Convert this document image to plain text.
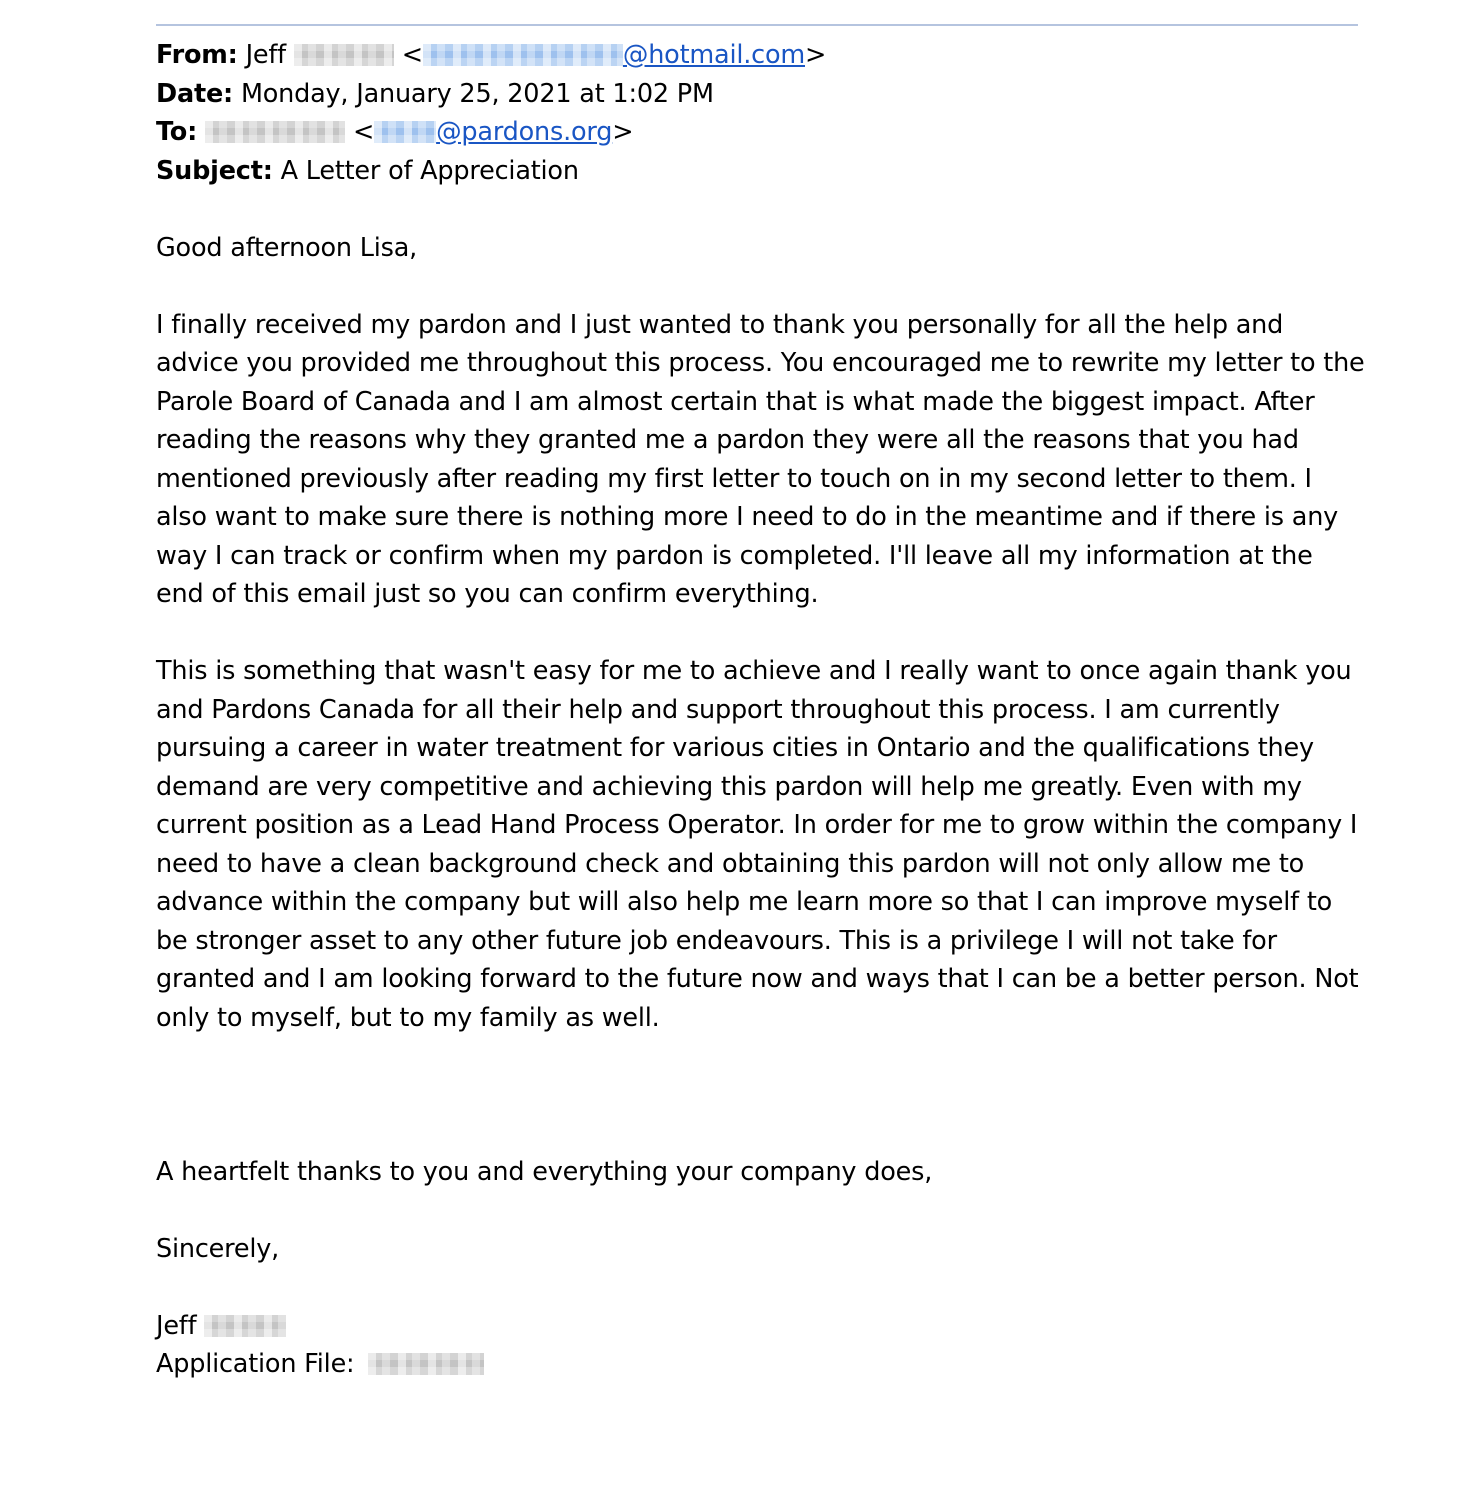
From: Jeff	<	@hotmail.com>
Date: Monday, January 25, 2021 at 1:02 PM
To:	< @pardons.org>
Subject: A Letter of Appreciation

Good afternoon Lisa,

I finally received my pardon and I just wanted to thank you personally for all the help and advice you provided me throughout this process. You encouraged me to rewrite my letter to the Parole Board of Canada and I am almost certain that is what made the biggest impact. After reading the reasons why they granted me a pardon they were all the reasons that you had mentioned previously after reading my first letter to touch on in my second letter to them. I also want to make sure there is nothing more I need to do in the meantime and if there is any way I can track or confirm when my pardon is completed. I'll leave all my information at the end of this email just so you can confirm everything.

This is something that wasn't easy for me to achieve and I really want to once again thank you and Pardons Canada for all their help and support throughout this process. I am currently pursuing a career in water treatment for various cities in Ontario and the qualifications they demand are very competitive and achieving this pardon will help me greatly. Even with my current position as a Lead Hand Process Operator. In order for me to grow within the company I need to have a clean background check and obtaining this pardon will not only allow me to advance within the company but will also help me learn more so that I can improve myself to be stronger asset to any other future job endeavours. This is a privilege I will not take for granted and I am looking forward to the future now and ways that I can be a better person. Not only to myself, but to my family as well.

A heartfelt thanks to you and everything your company does,

Sincerely,

Jeff
Application File:
